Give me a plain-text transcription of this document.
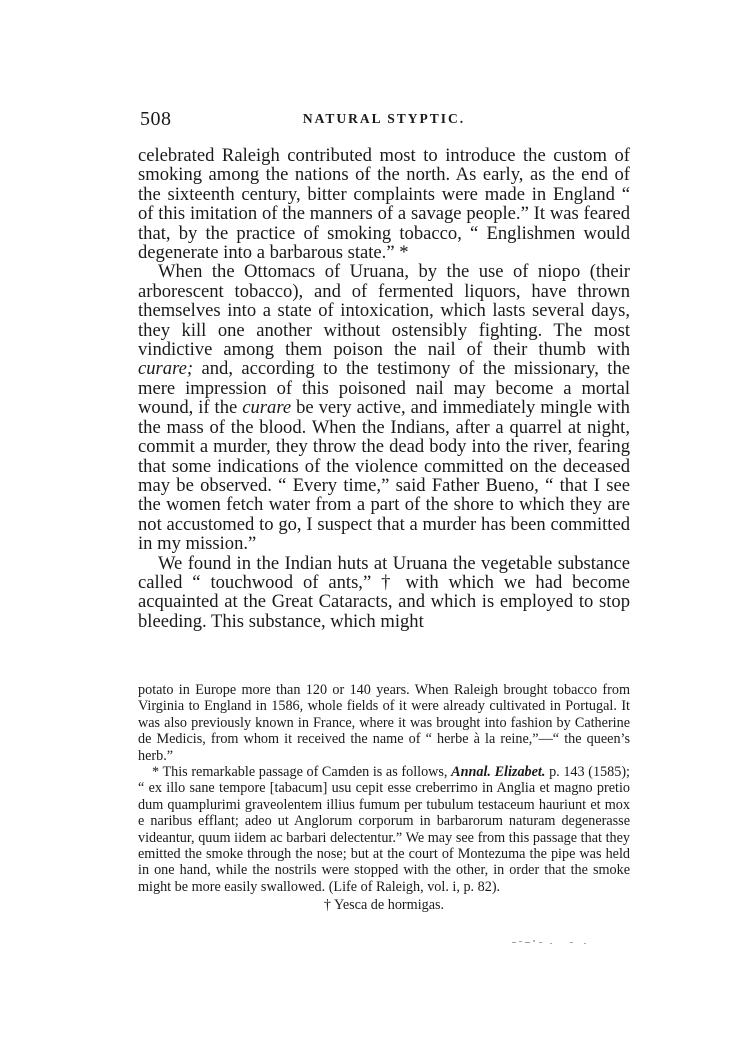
508	NATURAL STYPTIC.

celebrated Raleigh contributed most to introduce the custom of smoking among the nations of the north. As early, as the end of the sixteenth century, bitter complaints were made in England “ of this imitation of the manners of a savage people.” It was feared that, by the practice of smoking tobacco, “ Englishmen would degenerate into a barbarous state.” *

When the Ottomacs of Uruana, by the use of niopo (their arborescent tobacco), and of fermented liquors, have thrown themselves into a state of intoxication, which lasts several days, they kill one another without ostensibly fighting. The most vindictive among them poison the nail of their thumb with curare; and, according to the testimony of the missionary, the mere impression of this poisoned nail may become a mortal wound, if the curare be very active, and immediately mingle with the mass of the blood. When the Indians, after a quarrel at night, commit a murder, they throw the dead body into the river, fearing that some indications of the violence committed on the deceased may be observed. “ Every time,” said Father Bueno, “ that I see the women fetch water from a part of the shore to which they are not accustomed to go, I suspect that a murder has been committed in my mission.”

We found in the Indian huts at Uruana the vegetable substance called “ touchwood of ants,” † with which we had become acquainted at the Great Cataracts, and which is employed to stop bleeding. This substance, which might

potato in Europe more than 120 or 140 years. When Raleigh brought tobacco from Virginia to England in 1586, whole fields of it were already cultivated in Portugal. It was also previously known in France, where it was brought into fashion by Catherine de Medicis, from whom it received the name of “ herbe à la reine,”—“ the queen’s herb.”

* This remarkable passage of Camden is as follows, Annal. Elizabet. p. 143 (1585); “ ex illo sane tempore [tabacum] usu cepit esse creberrimo in Anglia et magno pretio dum quamplurimi graveolentem illius fumum per tubulum testaceum hauriunt et mox e naribus efflant; adeo ut Anglorum corporum in barbarorum naturam degenerasse videantur, quum iidem ac barbari delectentur.” We may see from this passage that they emitted the smoke through the nose; but at the court of Montezuma the pipe was held in one hand, while the nostrils were stopped with the other, in order that the smoke might be more easily swallowed. (Life of Raleigh, vol. i, p. 82).

† Yesca de hormigas.
